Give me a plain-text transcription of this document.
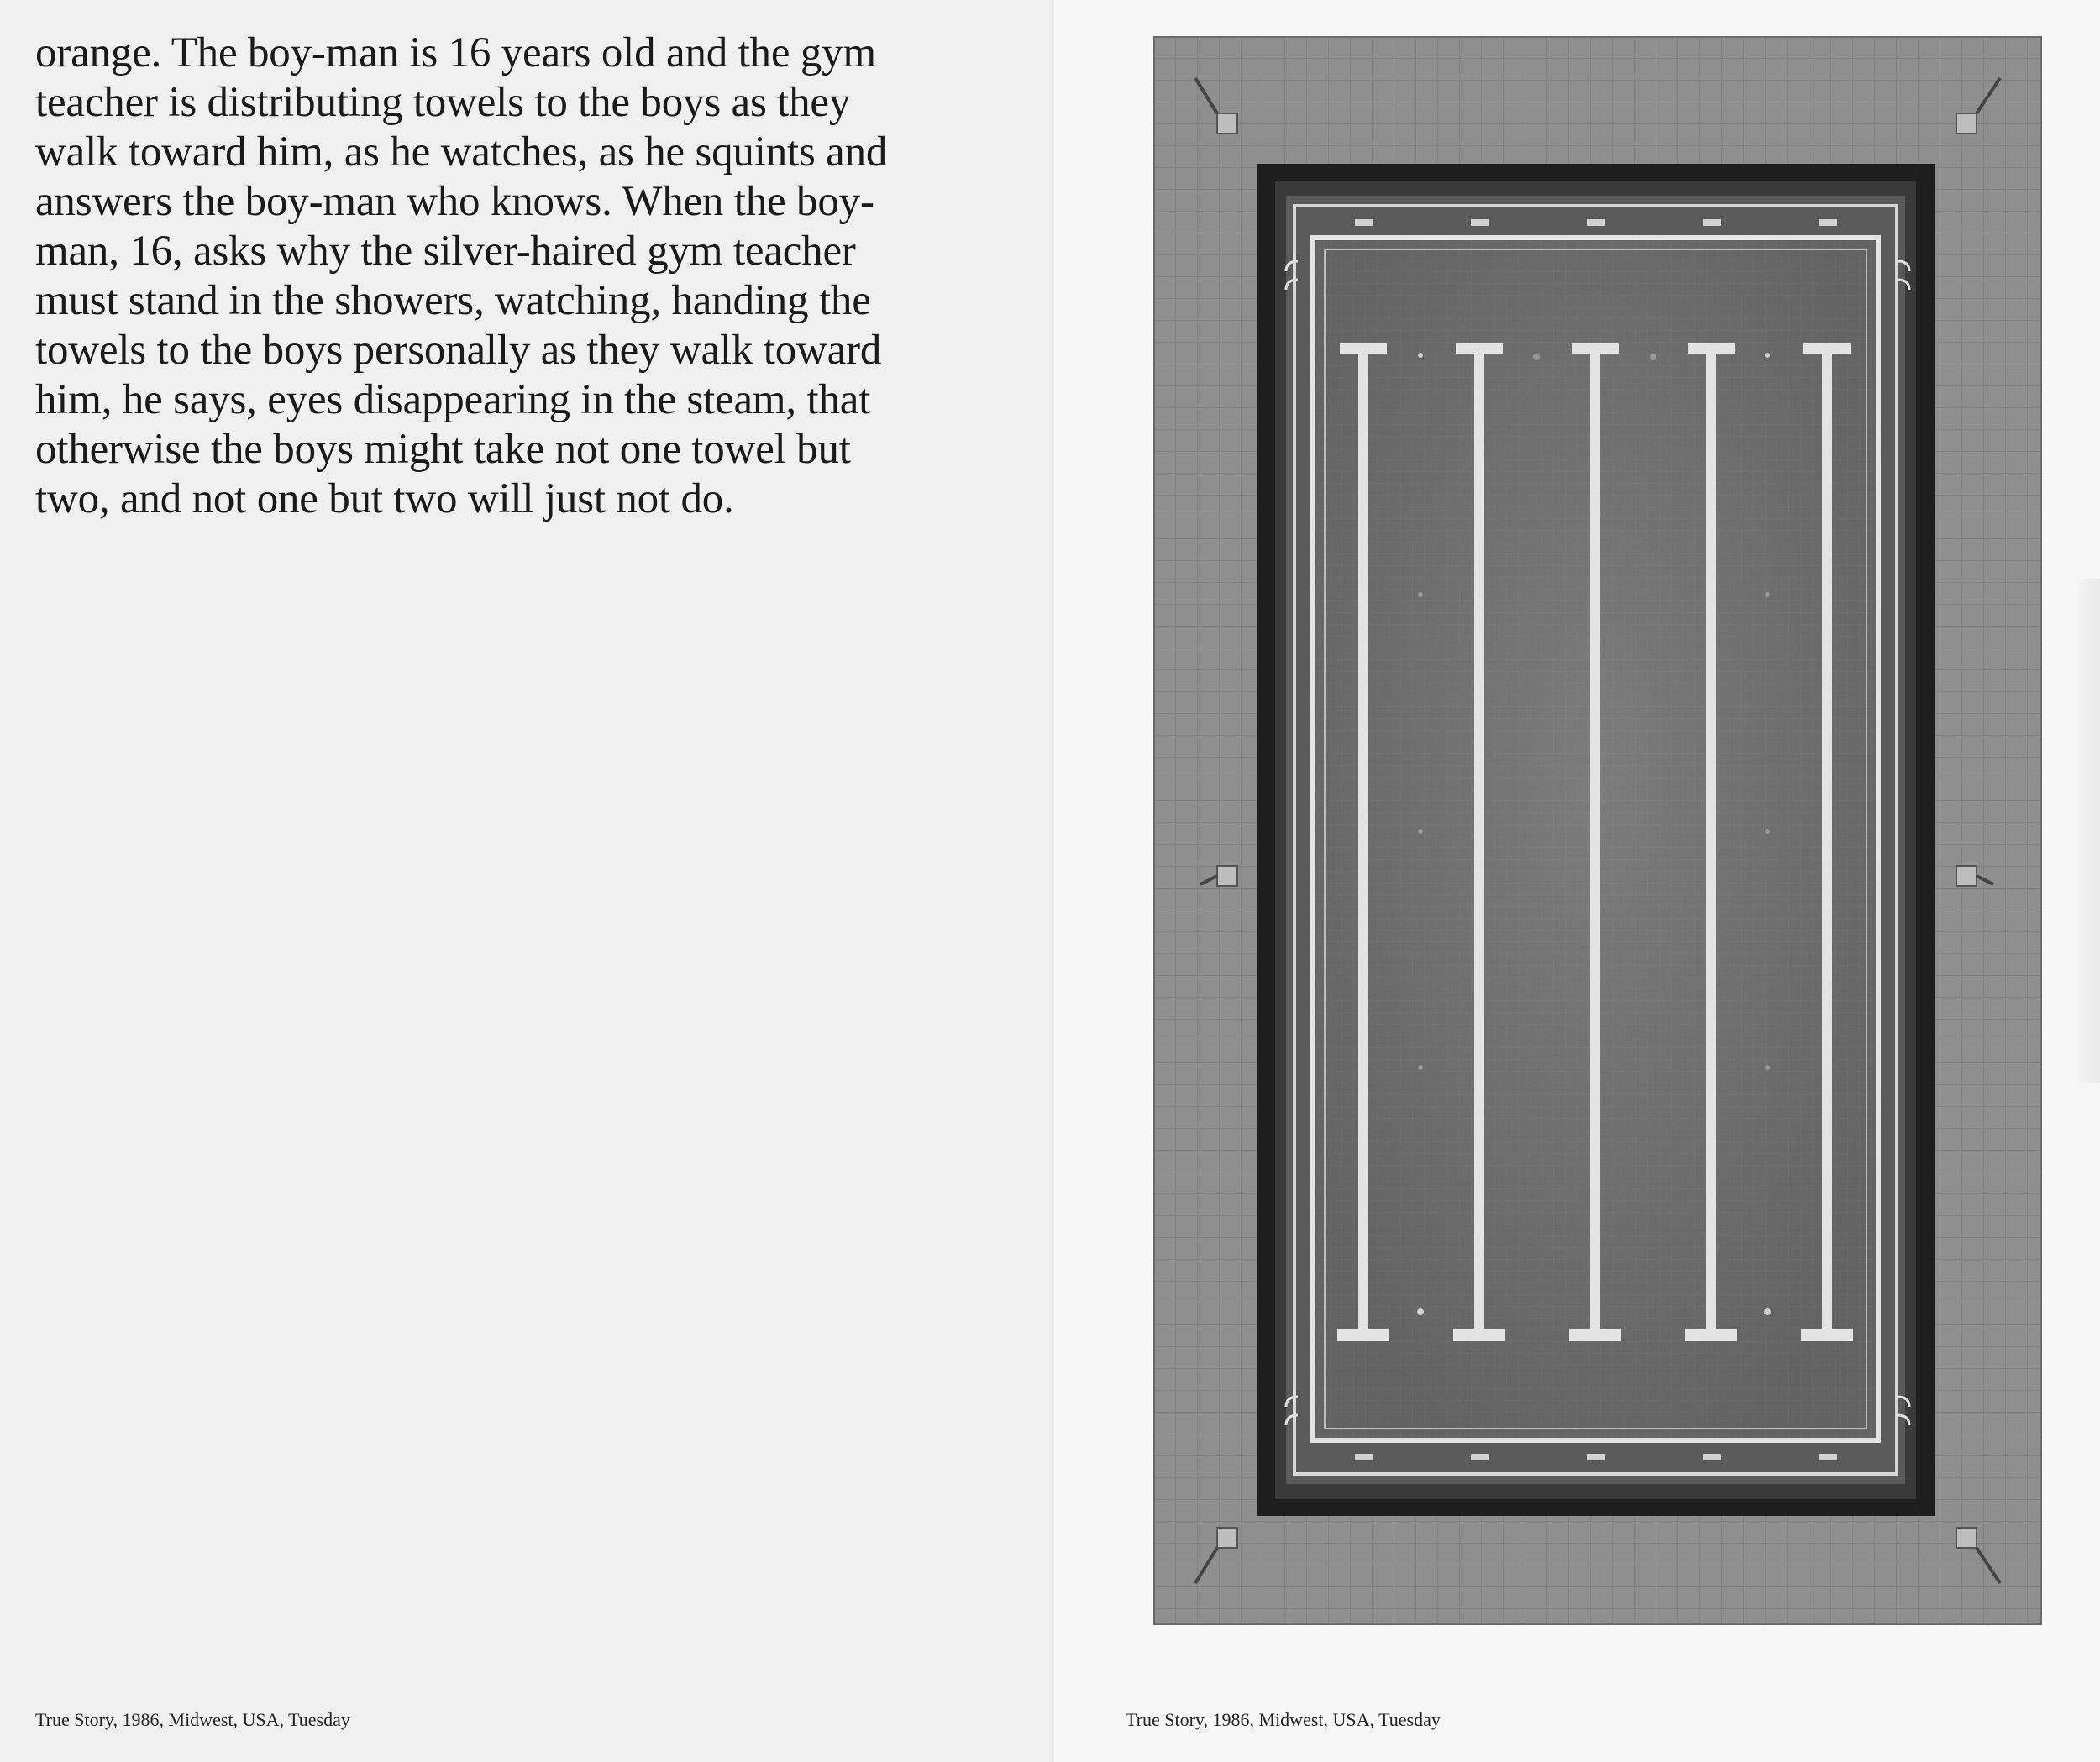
orange. The boy-man is 16 years old and the gym
teacher is distributing towels to the boys as they
walk toward him, as he watches, as he squints and
answers the boy-man who knows. When the boy-
man, 16, asks why the silver-haired gym teacher
must stand in the showers, watching, handing the
towels to the boys personally as they walk toward
him, he says, eyes disappearing in the steam, that
otherwise the boys might take not one towel but
two, and not one but two will just not do.

True Story, 1986, Midwest, USA, Tuesday	True Story, 1986, Midwest, USA, Tuesday
